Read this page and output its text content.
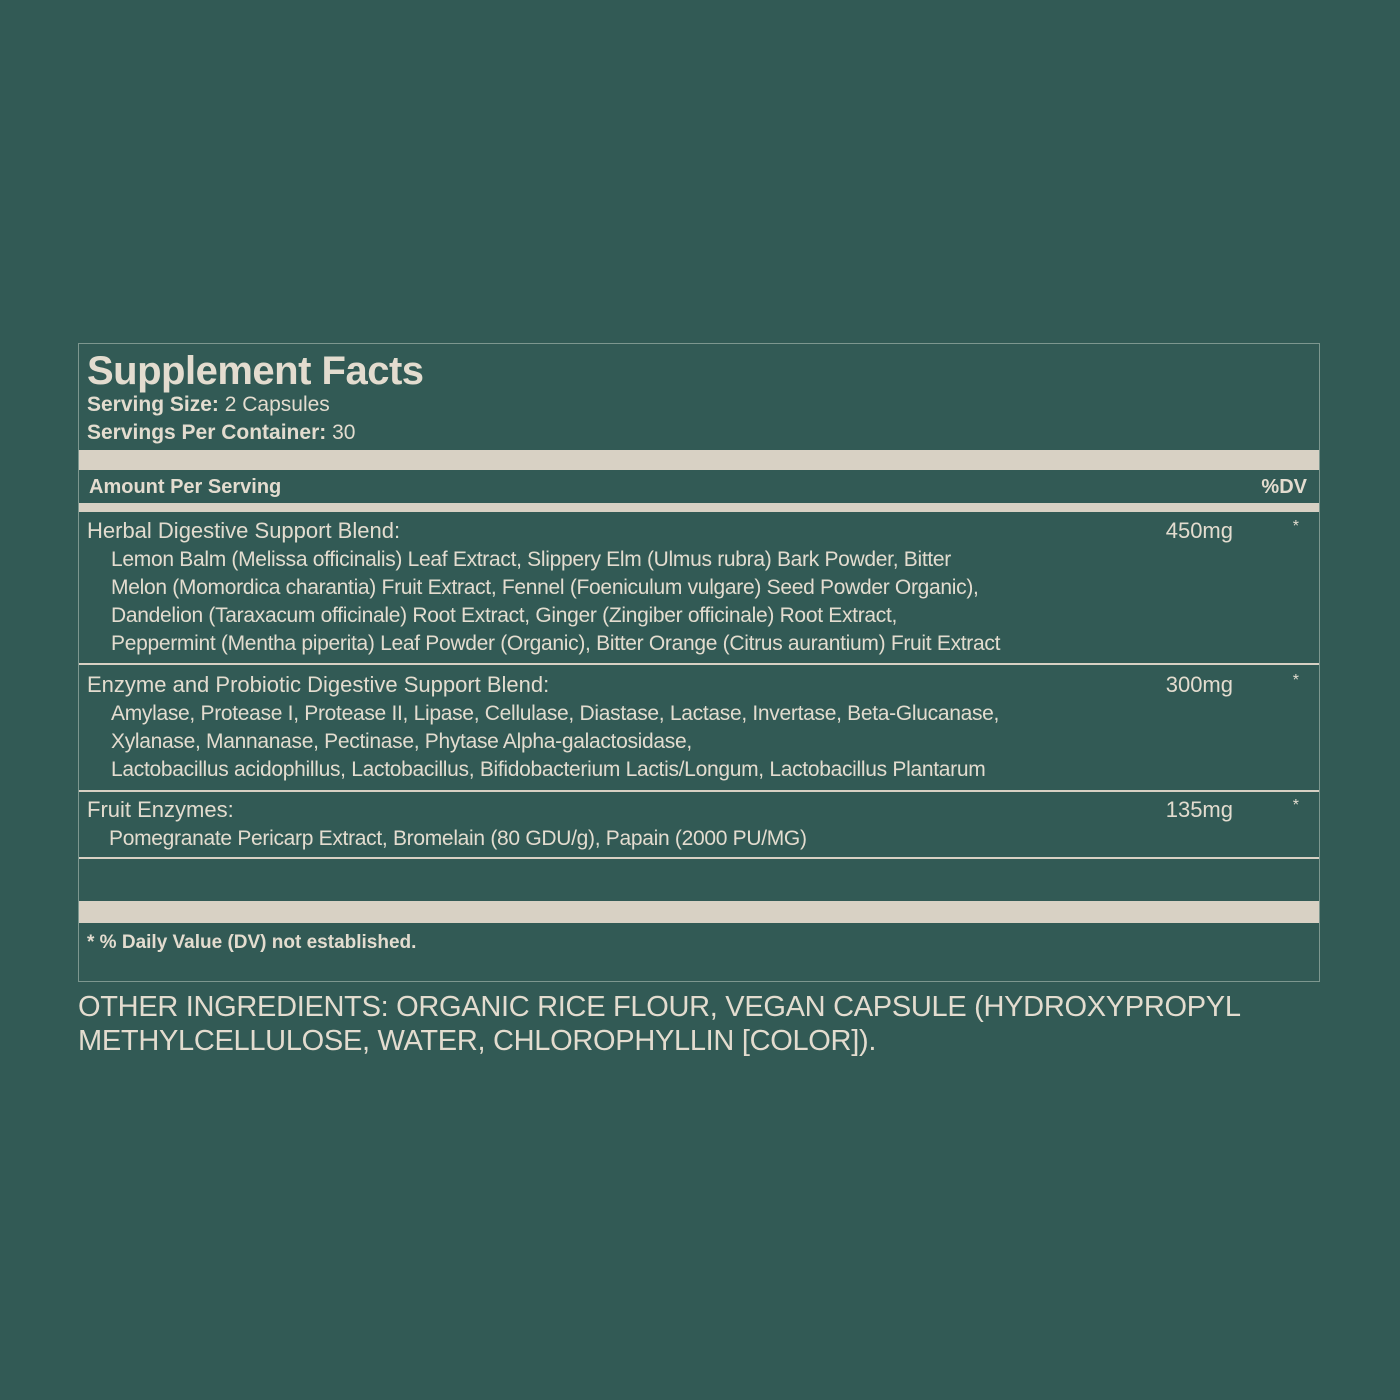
Supplement Facts
Serving Size: 2 Capsules
Servings Per Container: 30
Amount Per Serving	%DV
Herbal Digestive Support Blend:	450mg	*
Lemon Balm (Melissa officinalis) Leaf Extract, Slippery Elm (Ulmus rubra) Bark Powder, Bitter
Melon (Momordica charantia) Fruit Extract, Fennel (Foeniculum vulgare) Seed Powder Organic),
Dandelion (Taraxacum officinale) Root Extract, Ginger (Zingiber officinale) Root Extract,
Peppermint (Mentha piperita) Leaf Powder (Organic), Bitter Orange (Citrus aurantium) Fruit Extract
Enzyme and Probiotic Digestive Support Blend:	300mg	*
Amylase, Protease I, Protease II, Lipase, Cellulase, Diastase, Lactase, Invertase, Beta-Glucanase,
Xylanase, Mannanase, Pectinase, Phytase Alpha-galactosidase,
Lactobacillus acidophillus, Lactobacillus, Bifidobacterium Lactis/Longum, Lactobacillus Plantarum
Fruit Enzymes:	135mg	*
Pomegranate Pericarp Extract, Bromelain (80 GDU/g), Papain (2000 PU/MG)
* % Daily Value (DV) not established.
OTHER INGREDIENTS: ORGANIC RICE FLOUR, VEGAN CAPSULE (HYDROXYPROPYL
METHYLCELLULOSE, WATER, CHLOROPHYLLIN [COLOR]).
